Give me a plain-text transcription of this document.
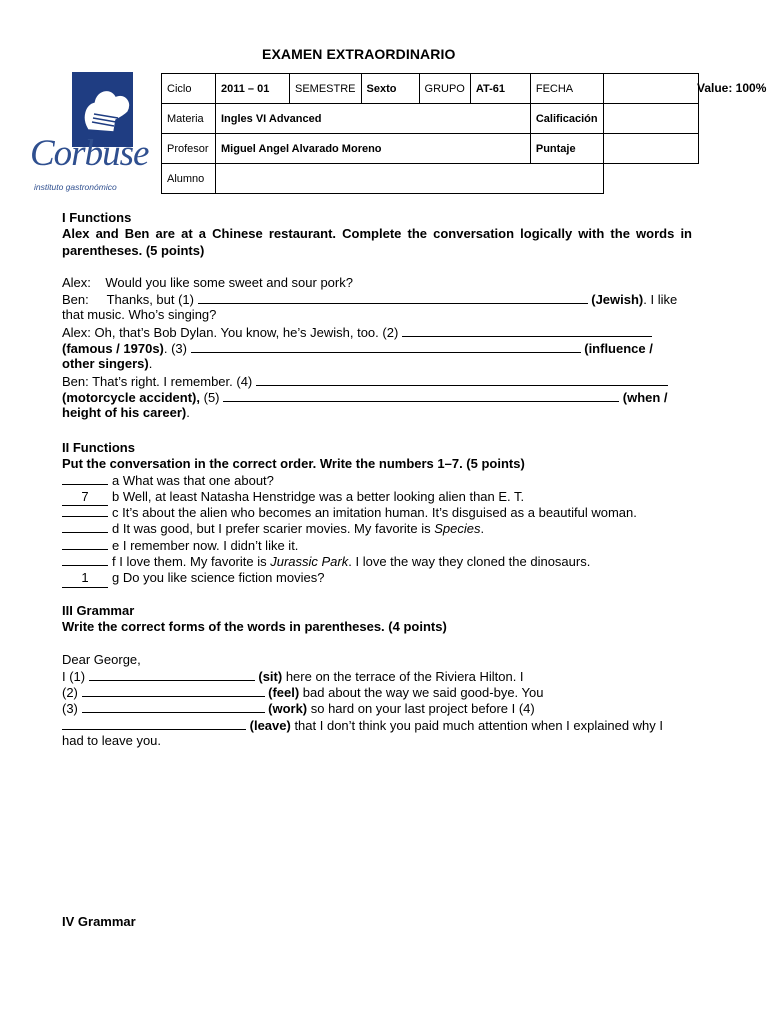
EXAMEN EXTRAORDINARIO
Value: 100%
Corbuse
instituto gastronómico
Ciclo	2011 – 01	SEMESTRE	Sexto	GRUPO	AT-61	FECHA	
Materia	Ingles VI Advanced					Calificación	
Profesor	Miguel Angel Alvarado Moreno					Puntaje	
Alumno							
I Functions
Alex and Ben are at a Chinese restaurant. Complete the conversation logically with the words in parentheses. (5 points)
Alex:    Would you like some sweet and sour pork?
Ben:     Thanks, but (1)	(Jewish). I like
that music. Who’s singing?
Alex: Oh, that’s Bob Dylan. You know, he’s Jewish, too. (2)
(famous / 1970s). (3)	(influence /
other singers).
Ben: That’s right. I remember. (4)
(motorcycle accident), (5)	(when /
height of his career).
II Functions
Put the conversation in the correct order. Write the numbers 1–7. (5 points)
a What was that one about?
7 b Well, at least Natasha Henstridge was a better looking alien than E. T.
c It’s about the alien who becomes an imitation human. It’s disguised as a beautiful woman.
d It was good, but I prefer scarier movies. My favorite is Species.
e I remember now. I didn’t like it.
f I love them. My favorite is Jurassic Park. I love the way they cloned the dinosaurs.
1 g Do you like science fiction movies?
III Grammar
Write the correct forms of the words in parentheses. (4 points)
Dear George,
I (1)	(sit) here on the terrace of the Riviera Hilton. I
(2)	(feel) bad about the way we said good-bye. You
(3)	(work) so hard on your last project before I (4)
(leave) that I don’t think you paid much attention when I explained why I
had to leave you.
IV Grammar
